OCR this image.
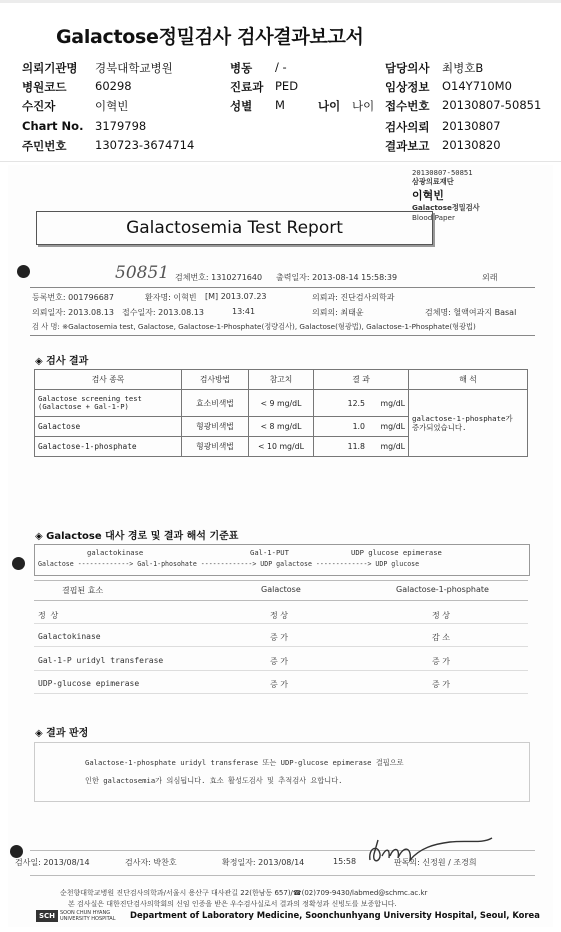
Galactose정밀검사 검사결과보고서
의뢰기관명 경북대학교병원	병동 / -	담당의사 최병호B
병원코드 60298	진료과 PED	임상정보 O14Y710M0
수진자	이혁빈	성별 M	나이 나이 접수번호 20130807-50851
Chart No. 3179798	검사의뢰 20130807
주민번호 130723-3674714	결과보고 20130820
20130807-50851
삼광의료재단
이혁빈
Galactose정밀검사
Blood Paper
Galactosemia Test Report
50851 검체번호: 1310271640 출력일자: 2013-08-14 15:58:39	외래
등록번호: 001796687	환자명: 이혁빈 [M] 2013.07.23	의뢰과: 진단검사의학과
의뢰일자: 2013.08.13 접수일자: 2013.08.13	13:41	의뢰의: 최태윤	검체명: 혈액여과지 Basal
검 사 명: ※Galactosemia test, Galactose, Galactose-1-Phosphate(정량검사), Galactose(형광법), Galactose-1-Phosphate(형광법)
◈ 검사 결과
검사 종목	검사방법	참고치	결 과	해 석
Galactose screening test (Galactose + Gal-1-P)	효소비색법	< 9 mg/dL	12.5 mg/dL	galactose-1-phosphate가 증가되었습니다.
Galactose	형광비색법	< 8 mg/dL	1.0 mg/dL	

Galactose-1-phosphate	형광비색법	< 10 mg/dL	11.8 mg/dL	
◈ Galactose 대사 경로 및 결과 해석 기준표
galactokinase	Gal-1-PUT	UDP glucose epimerase
Galactose -------------> Gal-1-phosohate -------------> UDP galactose -------------> UDP glucose
결핍된 효소	Galactose	Galactose-1-phosphate
정 상	정 상	정 상
Galactokinase	증 가	감 소
Gal-1-P uridyl transferase	증 가	증 가
UDP-glucose epimerase	증 가	증 가
◈ 결과 판정
Galactose-1-phosphate uridyl transferase 또는 UDP-glucose epimerase 결핍으로
인한 galactosemia가 의심됩니다. 효소 활성도검사 및 추적검사 요합니다.
검사일: 2013/08/14	검사자: 박찬호	확정일자: 2013/08/14	15:58	판독의: 신정원 / 조경희
순천향대학교병원 진단검사의학과/서울시 용산구 대사관길 22(한남동 657)/☎(02)709-9430/labmed@schmc.ac.kr
본 검사실은 대한진단검사의학회의 신임 인증을 받은 우수검사실로서 결과의 정확성과 신빙도를 보증합니다.
SCH SOON CHUN HYANG
UNIVERSITY HOSPITAL Department of Laboratory Medicine, Soonchunhyang University Hospital, Seoul, Korea
